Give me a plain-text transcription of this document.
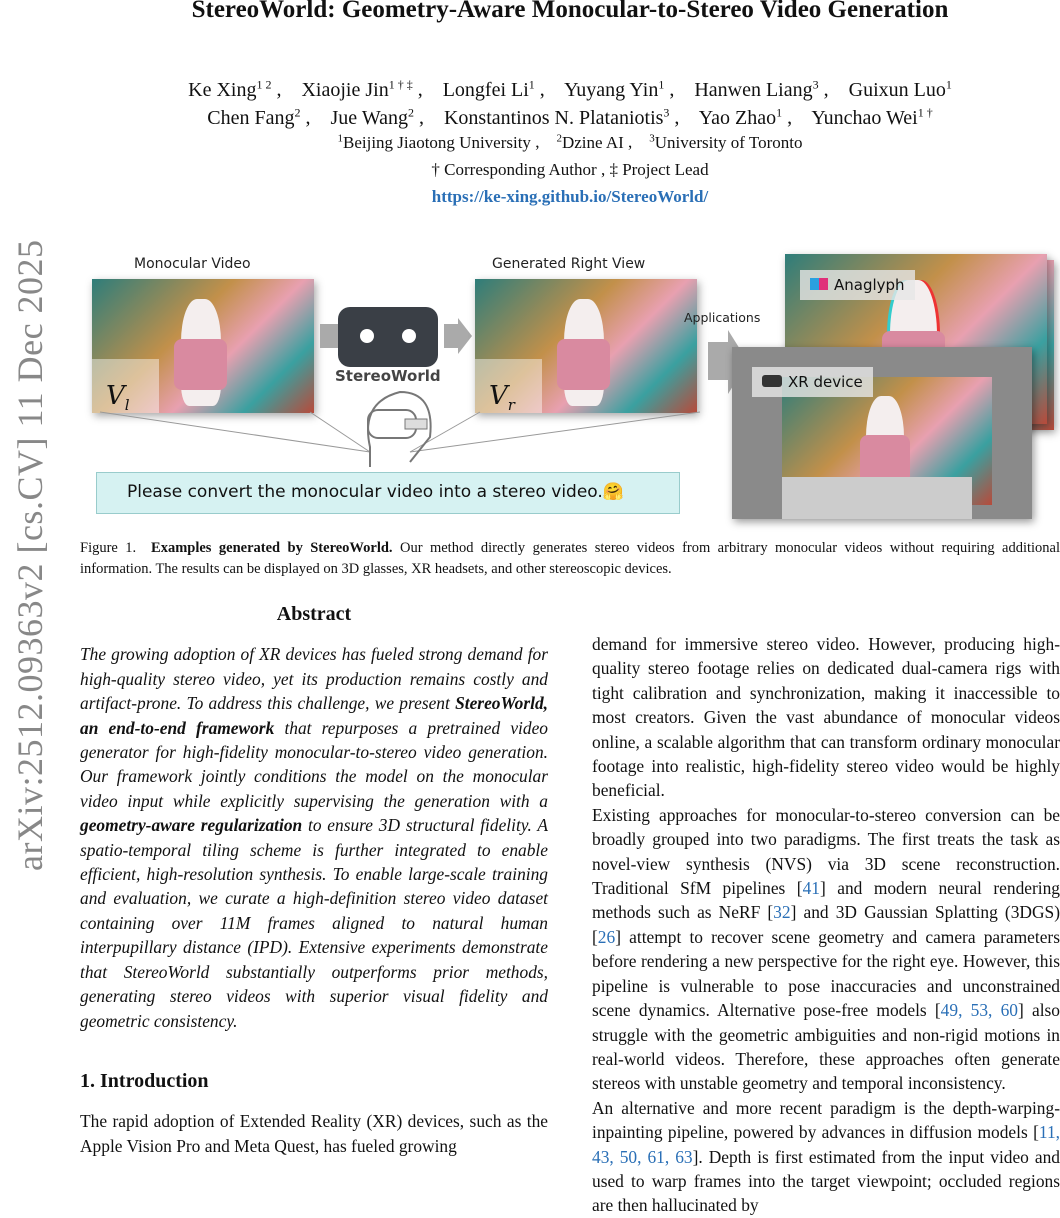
StereoWorld: Geometry-Aware Monocular-to-Stereo Video Generation
Ke Xing$^{1 2}$ ,    Xiaojie Jin$^{1 \dagger \ddagger}$ ,    Longfei Li$^1$ ,    Yuyang Yin$^1$ ,    Hanwen Liang$^3$ ,    Guixun Luo$^1$
Chen Fang$^2$ ,    Jue Wang$^2$ ,    Konstantinos N. Plataniotis$^3$ ,    Yao Zhao$^1$ ,    Yunchao Wei$^{1 \dagger}$
$^1$Beijing Jiaotong University ,    $^2$Dzine AI ,    $^3$University of Toronto
† Corresponding Author , ‡ Project Lead
https://ke-xing.github.io/StereoWorld/
arXiv:2512.09363v2 [cs.CV] 11 Dec 2025	Monocular Video	Generated Right View
$V_l$
StereoWorld
$V_r$
Applications
Anaglyph
XR device
Please convert the monocular video into a stereo video.🤗
Figure 1. Examples generated by StereoWorld. Our method directly generates stereo videos from arbitrary monocular videos without requiring additional information. The results can be displayed on 3D glasses, XR headsets, and other stereoscopic devices.
Abstract

The growing adoption of XR devices has fueled strong demand for high-quality stereo video, yet its production remains costly and artifact-prone. To address this challenge, we present StereoWorld, an end-to-end framework that repurposes a pretrained video generator for high-fidelity monocular-to-stereo video generation. Our framework jointly conditions the model on the monocular video input while explicitly supervising the generation with a geometry-aware regularization to ensure 3D structural fidelity. A spatio-temporal tiling scheme is further integrated to enable efficient, high-resolution synthesis. To enable large-scale training and evaluation, we curate a high-definition stereo video dataset containing over 11M frames aligned to natural human interpupillary distance (IPD). Extensive experiments demonstrate that StereoWorld substantially outperforms prior methods, generating stereo videos with superior visual fidelity and geometric consistency.

1. Introduction

The rapid adoption of Extended Reality (XR) devices, such as the Apple Vision Pro and Meta Quest, has fueled growing

demand for immersive stereo video. However, producing high-quality stereo footage relies on dedicated dual-camera rigs with tight calibration and synchronization, making it inaccessible to most creators. Given the vast abundance of monocular videos online, a scalable algorithm that can transform ordinary monocular footage into realistic, high-fidelity stereo video would be highly beneficial.

Existing approaches for monocular-to-stereo conversion can be broadly grouped into two paradigms. The first treats the task as novel-view synthesis (NVS) via 3D scene reconstruction. Traditional SfM pipelines [41] and modern neural rendering methods such as NeRF [32] and 3D Gaussian Splatting (3DGS) [26] attempt to recover scene geometry and camera parameters before rendering a new perspective for the right eye. However, this pipeline is vulnerable to pose inaccuracies and unconstrained scene dynamics. Alternative pose-free models [49, 53, 60] also struggle with the geometric ambiguities and non-rigid motions in real-world videos. Therefore, these approaches often generate stereos with unstable geometry and temporal inconsistency.

An alternative and more recent paradigm is the depth-warping-inpainting pipeline, powered by advances in diffusion models [11, 43, 50, 61, 63]. Depth is first estimated from the input video and used to warp frames into the target viewpoint; occluded regions are then hallucinated by
